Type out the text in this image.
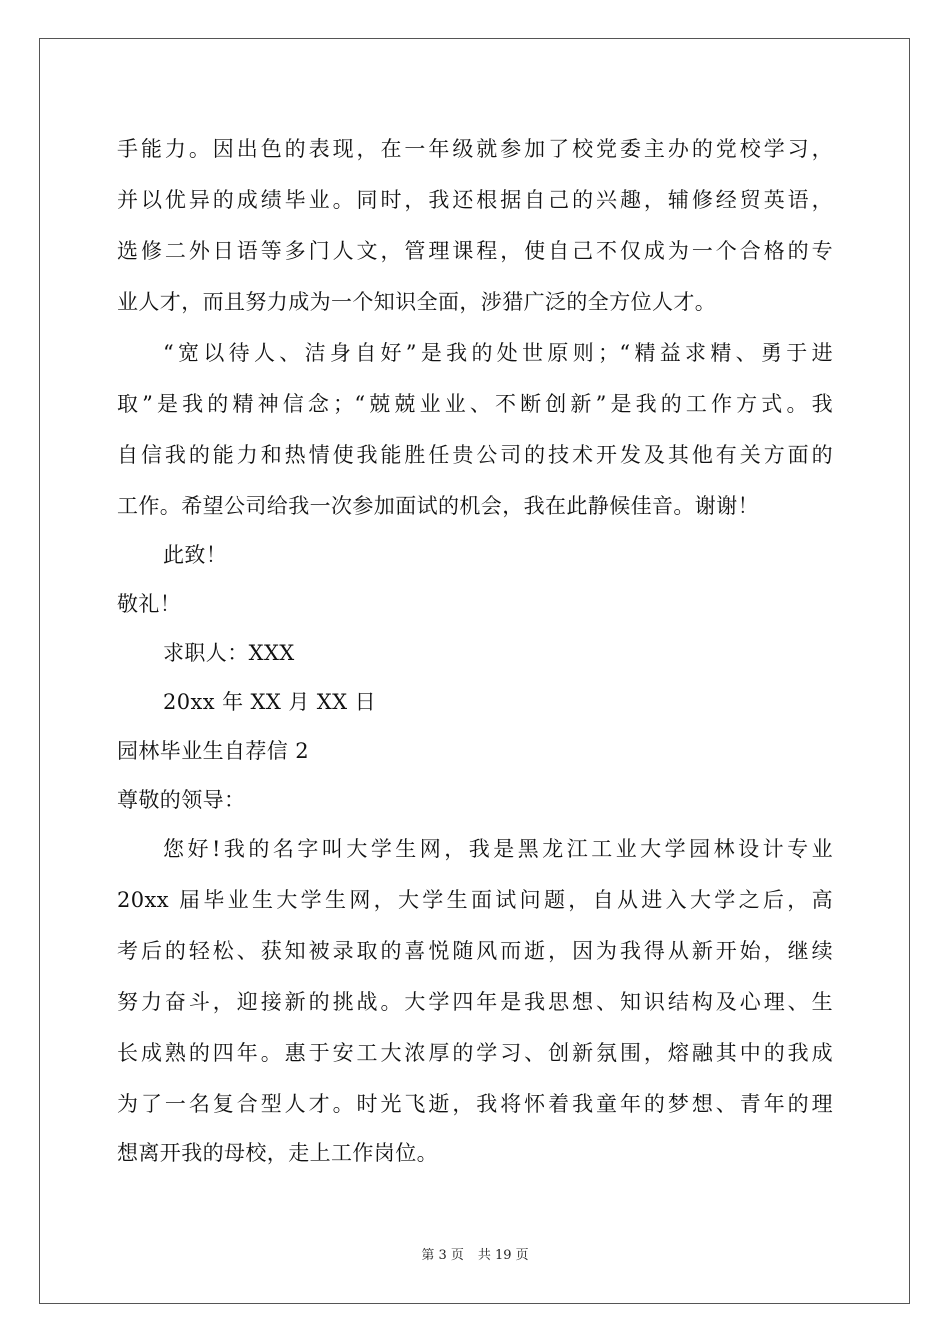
手能力。因出色的表现，在一年级就参加了校党委主办的党校学习，
并以优异的成绩毕业。同时，我还根据自己的兴趣，辅修经贸英语，
选修二外日语等多门人文，管理课程，使自己不仅成为一个合格的专
业人才，而且努力成为一个知识全面，涉猎广泛的全方位人才。
“宽以待人、洁身自好”是我的处世原则；“精益求精、勇于进
取”是我的精神信念；“兢兢业业、不断创新”是我的工作方式。我
自信我的能力和热情使我能胜任贵公司的技术开发及其他有关方面的
工作。希望公司给我一次参加面试的机会，我在此静候佳音。谢谢！
此致！
敬礼！
求职人：XXX
20xx 年 XX 月 XX 日
园林毕业生自荐信 2
尊敬的领导：
您好!我的名字叫大学生网，我是黑龙江工业大学园林设计专业
20xx 届毕业生大学生网，大学生面试问题，自从进入大学之后，高
考后的轻松、获知被录取的喜悦随风而逝，因为我得从新开始，继续
努力奋斗，迎接新的挑战。大学四年是我思想、知识结构及心理、生
长成熟的四年。惠于安工大浓厚的学习、创新氛围，熔融其中的我成
为了一名复合型人才。时光飞逝，我将怀着我童年的梦想、青年的理
想离开我的母校，走上工作岗位。
第 3 页 共 19 页
